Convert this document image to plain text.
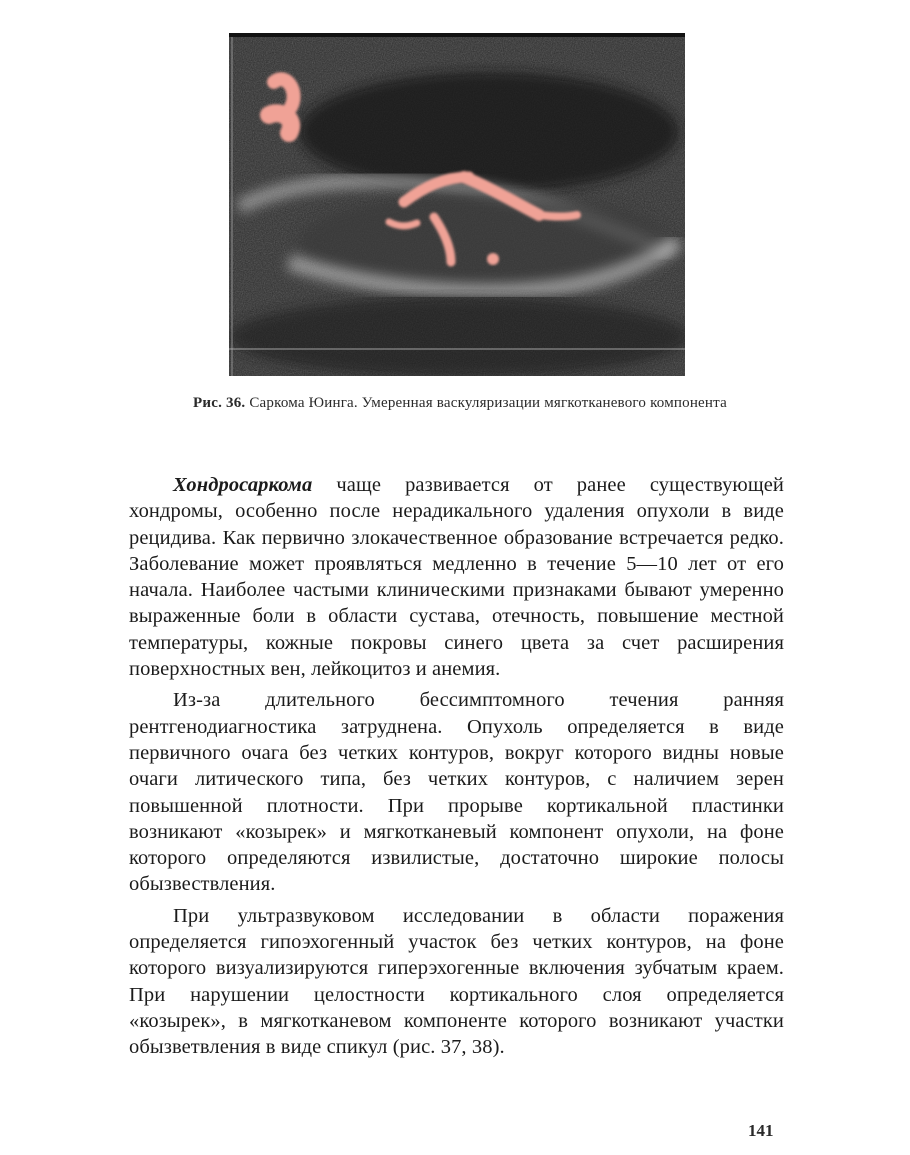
Рис. 36. Саркома Юинга. Умеренная васкуляризации мягкотканевого компонента

Хондросаркома чаще развивается от ранее существующей хондромы, особенно после нерадикального удаления опухоли в виде рецидива. Как первично злокачественное образование встречается редко. Заболевание может проявляться медленно в течение 5—10 лет от его начала. Наиболее частыми клиническими признаками бывают умеренно выраженные боли в области сустава, отечность, повышение местной температуры, кожные покровы синего цвета за счет расширения поверхностных вен, лейкоцитоз и анемия.

Из-за длительного бессимптомного течения ранняя рентгенодиагностика затруднена. Опухоль определяется в виде первичного очага без четких контуров, вокруг которого видны новые очаги литического типа, без четких контуров, с наличием зерен повышенной плотности. При прорыве кортикальной пластинки возникают «козырек» и мягкотканевый компонент опухоли, на фоне которого определяются извилистые, достаточно широкие полосы обызвествления.

При ультразвуковом исследовании в области поражения определяется гипоэхогенный участок без четких контуров, на фоне которого визуализируются гиперэхогенные включения зубчатым краем. При нарушении целостности кортикального слоя определяется «козырек», в мягкотканевом компоненте которого возникают участки обызветвления в виде спикул (рис. 37, 38).

141
